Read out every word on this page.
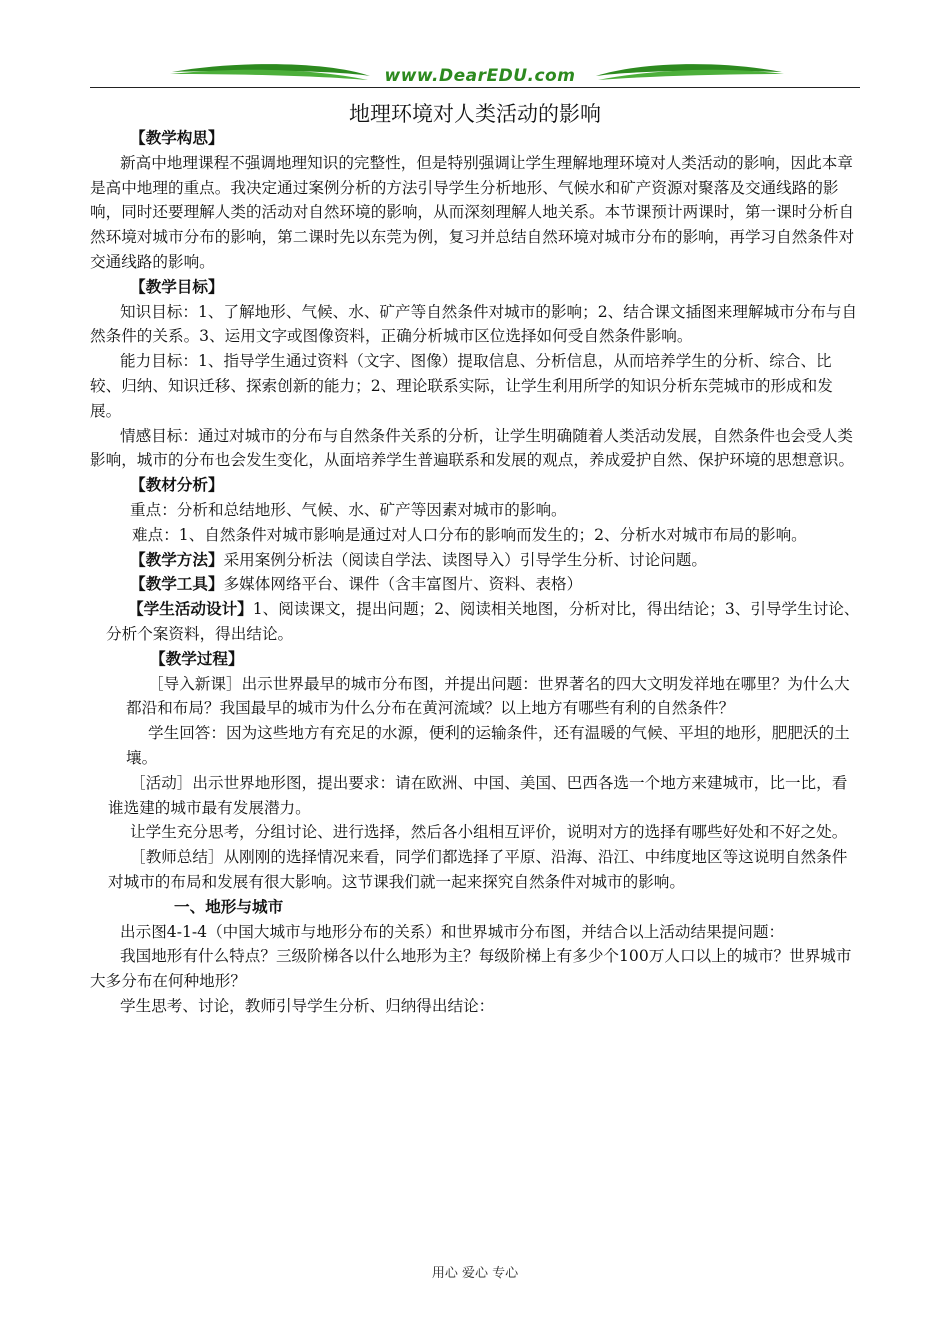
www.DearEDU.com
地理环境对人类活动的影响

【教学构思】

新高中地理课程不强调地理知识的完整性，但是特别强调让学生理解地理环境对人类活动的影响，因此本章是高中地理的重点。我决定通过案例分析的方法引导学生分析地形、气候水和矿产资源对聚落及交通线路的影响，同时还要理解人类的活动对自然环境的影响，从而深刻理解人地关系。本节课预计两课时，第一课时分析自然环境对城市分布的影响，第二课时先以东莞为例，复习并总结自然环境对城市分布的影响，再学习自然条件对交通线路的影响。

【教学目标】

知识目标：1、了解地形、气候、水、矿产等自然条件对城市的影响；2、结合课文插图来理解城市分布与自然条件的关系。3、运用文字或图像资料，正确分析城市区位选择如何受自然条件影响。

能力目标：1、指导学生通过资料（文字、图像）提取信息、分析信息，从而培养学生的分析、综合、比较、归纳、知识迁移、探索创新的能力；2、理论联系实际，让学生利用所学的知识分析东莞城市的形成和发展。

情感目标：通过对城市的分布与自然条件关系的分析，让学生明确随着人类活动发展，自然条件也会受人类影响，城市的分布也会发生变化，从面培养学生普遍联系和发展的观点，养成爱护自然、保护环境的思想意识。

【教材分析】

重点：分析和总结地形、气候、水、矿产等因素对城市的影响。

难点：1、自然条件对城市影响是通过对人口分布的影响而发生的；2、分析水对城市布局的影响。

【教学方法】采用案例分析法（阅读自学法、读图导入）引导学生分析、讨论问题。

【教学工具】多媒体网络平台、课件（含丰富图片、资料、表格）

【学生活动设计】1、阅读课文，提出问题；2、阅读相关地图，分析对比，得出结论；3、引导学生讨论、分析个案资料，得出结论。

【教学过程】

［导入新课］出示世界最早的城市分布图，并提出问题：世界著名的四大文明发祥地在哪里？为什么大都沿和布局？我国最早的城市为什么分布在黄河流域？以上地方有哪些有利的自然条件？

学生回答：因为这些地方有充足的水源，便利的运输条件，还有温暖的气候、平坦的地形，肥肥沃的土壤。

［活动］出示世界地形图，提出要求：请在欧洲、中国、美国、巴西各选一个地方来建城市，比一比，看谁选建的城市最有发展潜力。

让学生充分思考，分组讨论、进行选择，然后各小组相互评价，说明对方的选择有哪些好处和不好之处。

［教师总结］从刚刚的选择情况来看，同学们都选择了平原、沿海、沿江、中纬度地区等这说明自然条件对城市的布局和发展有很大影响。这节课我们就一起来探究自然条件对城市的影响。

一、地形与城市

出示图4-1-4（中国大城市与地形分布的关系）和世界城市分布图，并结合以上活动结果提问题：

我国地形有什么特点？三级阶梯各以什么地形为主？每级阶梯上有多少个100万人口以上的城市？世界城市大多分布在何种地形？

学生思考、讨论，教师引导学生分析、归纳得出结论：

用心 爱心 专心
